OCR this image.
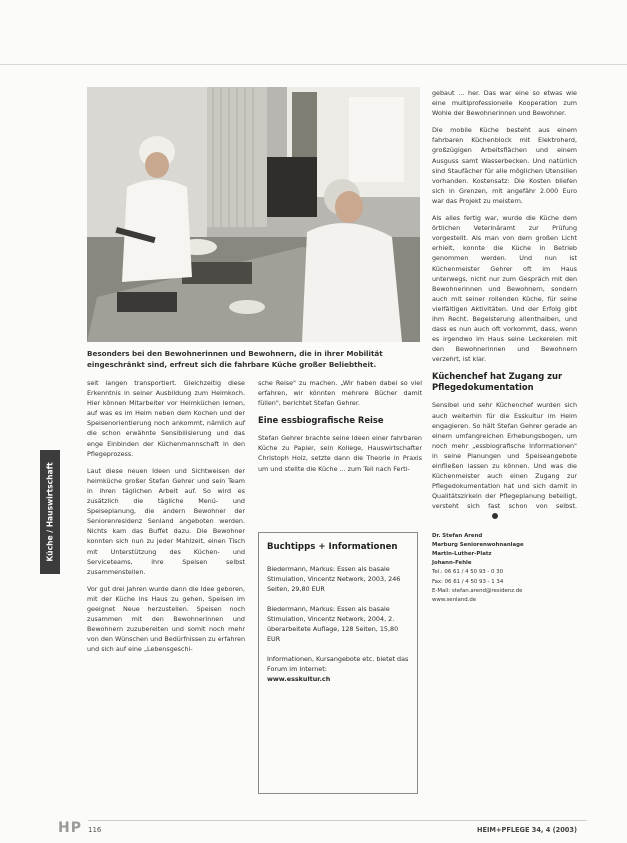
Besonders bei den Bewohnerinnen und Bewohnern, die in ihrer Mobilität eingeschränkt sind, erfreut sich die fahrbare Küche großer Beliebtheit.

seit langen transportiert. Gleichzeitig diese Erkenntnis in seiner Ausbildung zum Heimkoch. Hier können Mitarbeiter vor Heimküchen lernen, auf was es im Heim neben dem Kochen und der Speisenorientierung noch ankommt, nämlich auf die schon erwähnte Sensibilisierung und das enge Einbinden der Küchenmannschaft in den Pflegeprozess.

Laut diese neuen Ideen und Sichtweisen der heimküche großer Stefan Gehrer und sein Team in ihren täglichen Arbeit auf. So wird es zusätzlich die tägliche Menü- und Speiseplanung, die andern Bewohner der Seniorenresidenz Senland angeboten werden. Nichts kam das Buffet dazu. Die Bewohner konnten sich nun zu jeder Mahlzeit, einen Tisch mit Unterstützung des Küchen- und Serviceteams, ihre Speisen selbst zusammenstellen.

Vor gut drei Jahren wurde dann die Idee geboren, mit der Küche ins Haus zu gehen, Speisen im geeignet Neue herzustellen. Speisen noch zusammen mit den Bewohnerinnen und Bewohnern zuzubereiten und somit noch mehr von den Wünschen und Bedürfnissen zu erfahren und sich auf eine „Lebensgeschi-

sche Reise" zu machen. „Wir haben dabei so viel erfahren, wir könnten mehrere Bücher damit füllen", berichtet Stefan Gehrer.

Eine essbiografische Reise

Stefan Gehrer brachte seine Ideen einer fahrbaren Küche zu Papier, sein Kollege, Hauswirtschafter Christoph Holz, setzte dann die Theorie in Praxis um und stellte die Küche ... zum Teil nach Ferti-

Buchtipps + Informationen

Biedermann, Markus: Essen als basale Stimulation, Vincentz Network, 2003, 246 Seiten, 29,80 EUR

Biedermann, Markus: Essen als basale Stimulation, Vincentz Network, 2004, 2. überarbeitete Auflage, 128 Seiten, 15,80 EUR

Informationen, Kursangebote etc. bietet das Forum im Internet:
www.esskultur.ch

gebaut ... her. Das war eine so etwas wie eine multiprofessionelle Kooperation zum Wohle der Bewohnerinnen und Bewohner.

Die mobile Küche besteht aus einem fahrbaren Küchenblock mit Elektroherd, großzügigen Arbeitsflächen und einem Ausguss samt Wasserbecken. Und natürlich sind Staufächer für alle möglichen Utensilien vorhanden. Kostensatz: Die Kosten bliefen sich in Grenzen, mit angefähr 2.000 Euro war das Projekt zu meistern.

Als alles fertig war, wurde die Küche dem örtlichen Veterinäramt zur Prüfung vorgestellt. Als man von dem großen Licht erhielt, konnte die Küche in Betrieb genommen werden. Und nun ist Küchenmeister Gehrer oft im Haus unterwegs, nicht nur zum Gespräch mit den Bewohnerinnen und Bewohnern, sondern auch mit seiner rollenden Küche, für seine vielfältigen Aktivitäten. Und der Erfolg gibt ihm Recht. Begeisterung allenthalben, und dass es nun auch oft vorkommt, dass, wenn es irgendwo im Haus seine Leckereien mit den Bewohnerinnen und Bewohnern verzehrt, ist klar.

Küchenchef hat Zugang zur Pflegedokumentation

Sensibel und sehr Küchenchef wurden sich auch weiterhin für die Esskultur im Heim engagieren. So hält Stefan Gehrer gerade an einem umfangreichen Erhebungsbogen, um noch mehr „essbiografische Informationen" in seine Planungen und Speiseangebote einfließen lassen zu können. Und was die Küchenmeister auch einen Zugang zur Pflegedokumentation hat und sich damit in Qualitätszirkeln der Pflegeplanung beteiligt, versteht sich fast schon von selbst.

Dr. Stefan Arend
Marburg Seniorenwohnanlage
Martin-Luther-Platz
Johann-Fehle
Tel.: 06 61 / 4 50 93 - 0 30
Fax: 06 61 / 4 50 93 - 1 34
E-Mail: stefan.arend@residenz.de
www.senland.de
Küche / Hauswirtschaft
HP 116	HEIM+PFLEGE 34, 4 (2003)
